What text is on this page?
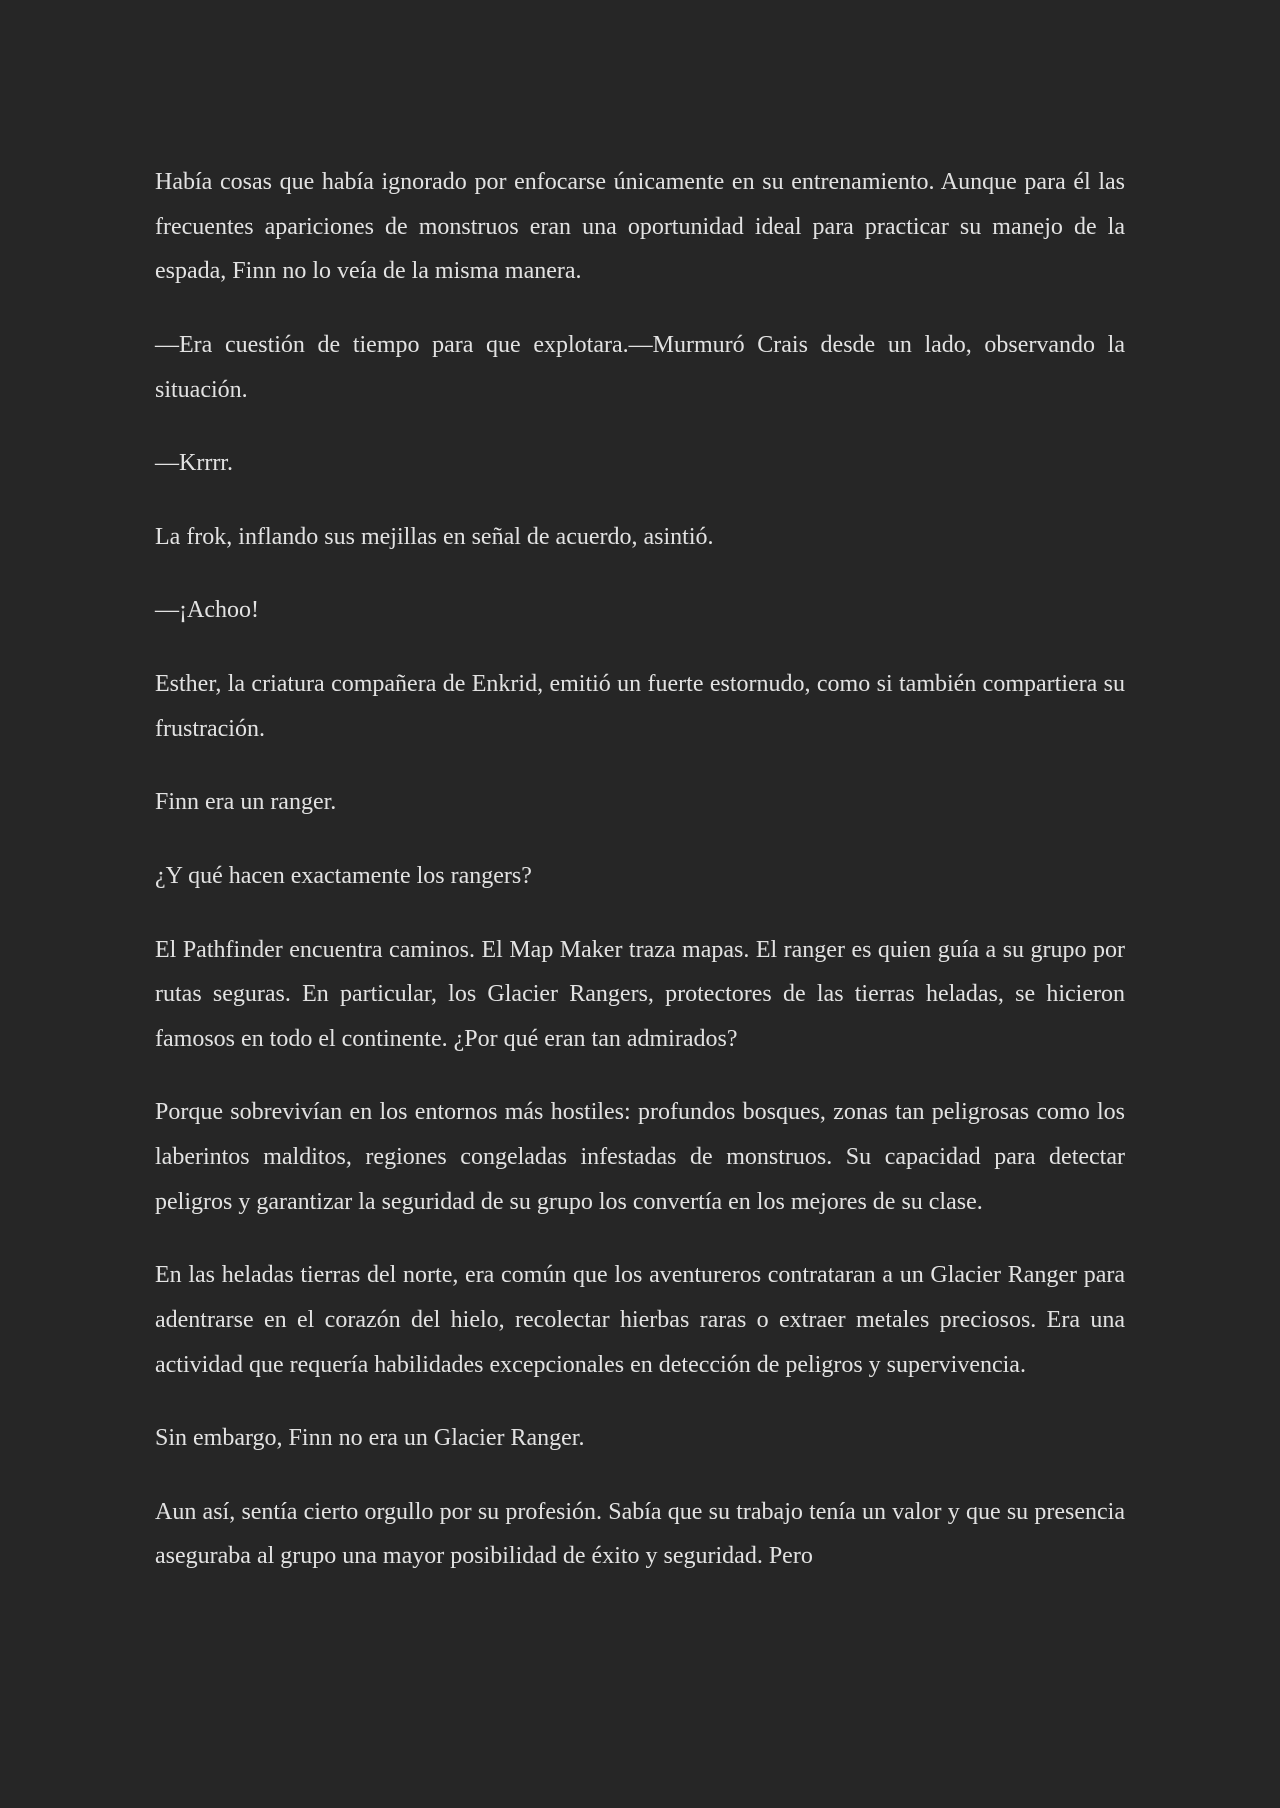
Había cosas que había ignorado por enfocarse únicamente en su entrenamiento. Aunque para él las frecuentes apariciones de monstruos eran una oportunidad ideal para practicar su manejo de la espada, Finn no lo veía de la misma manera.

—Era cuestión de tiempo para que explotara.—Murmuró Crais desde un lado, observando la situación.

—Krrrr.

La frok, inflando sus mejillas en señal de acuerdo, asintió.

—¡Achoo!

Esther, la criatura compañera de Enkrid, emitió un fuerte estornudo, como si también compartiera su frustración.

Finn era un ranger.

¿Y qué hacen exactamente los rangers?

El Pathfinder encuentra caminos. El Map Maker traza mapas. El ranger es quien guía a su grupo por rutas seguras. En particular, los Glacier Rangers, protectores de las tierras heladas, se hicieron famosos en todo el continente. ¿Por qué eran tan admirados?

Porque sobrevivían en los entornos más hostiles: profundos bosques, zonas tan peligrosas como los laberintos malditos, regiones congeladas infestadas de monstruos. Su capacidad para detectar peligros y garantizar la seguridad de su grupo los convertía en los mejores de su clase.

En las heladas tierras del norte, era común que los aventureros contrataran a un Glacier Ranger para adentrarse en el corazón del hielo, recolectar hierbas raras o extraer metales preciosos. Era una actividad que requería habilidades excepcionales en detección de peligros y supervivencia.

Sin embargo, Finn no era un Glacier Ranger.

Aun así, sentía cierto orgullo por su profesión. Sabía que su trabajo tenía un valor y que su presencia aseguraba al grupo una mayor posibilidad de éxito y seguridad. Pero
